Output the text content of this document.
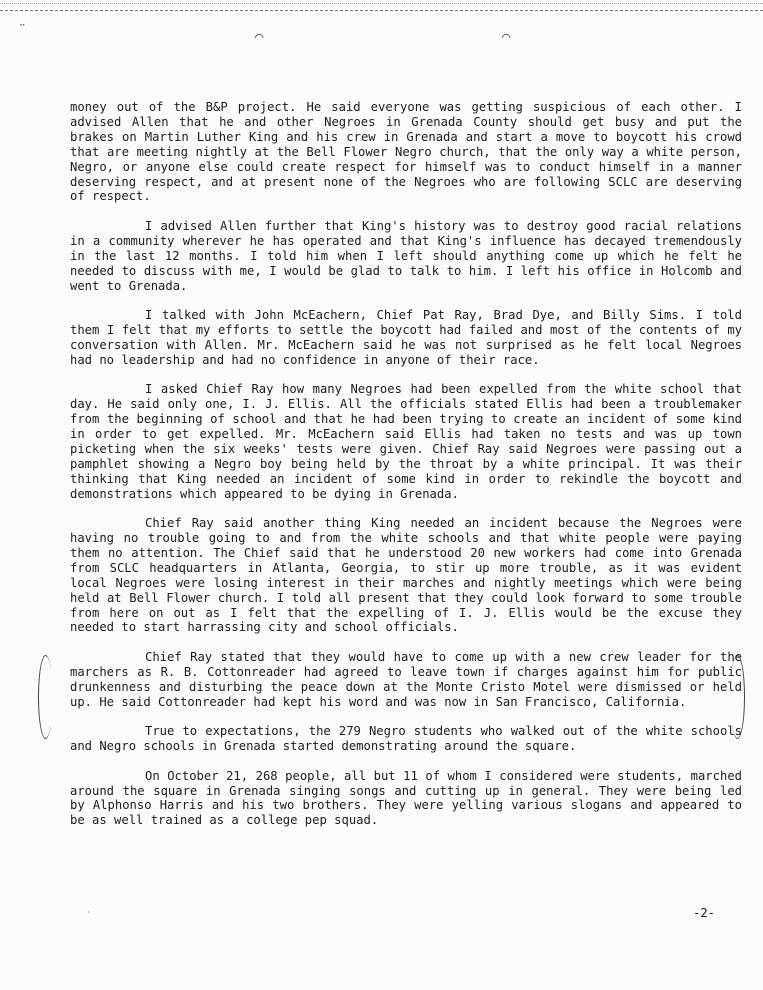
¨	⌒	⌒
·

money out of the B&P project. He said everyone was getting suspicious of each other. I advised Allen that he and other Negroes in Grenada County should get busy and put the brakes on Martin Luther King and his crew in Grenada and start a move to boycott his crowd that are meeting nightly at the Bell Flower Negro church, that the only way a white person, Negro, or anyone else could create respect for himself was to conduct himself in a manner deserving respect, and at present none of the Negroes who are following SCLC are deserving of respect.

I advised Allen further that King's history was to destroy good racial relations in a community wherever he has operated and that King's influence has decayed tremendously in the last 12 months. I told him when I left should anything come up which he felt he needed to discuss with me, I would be glad to talk to him. I left his office in Holcomb and went to Grenada.

I talked with John McEachern, Chief Pat Ray, Brad Dye, and Billy Sims. I told them I felt that my efforts to settle the boycott had failed and most of the contents of my conversation with Allen. Mr. McEachern said he was not surprised as he felt local Negroes had no leadership and had no confidence in anyone of their race.

I asked Chief Ray how many Negroes had been expelled from the white school that day. He said only one, I. J. Ellis. All the officials stated Ellis had been a troublemaker from the beginning of school and that he had been trying to create an incident of some kind in order to get expelled. Mr. McEachern said Ellis had taken no tests and was up town picketing when the six weeks' tests were given. Chief Ray said Negroes were passing out a pamphlet showing a Negro boy being held by the throat by a white principal. It was their thinking that King needed an incident of some kind in order to rekindle the boycott and demonstrations which appeared to be dying in Grenada.

Chief Ray said another thing King needed an incident because the Negroes were having no trouble going to and from the white schools and that white people were paying them no attention. The Chief said that he understood 20 new workers had come into Grenada from SCLC headquarters in Atlanta, Georgia, to stir up more trouble, as it was evident local Negroes were losing interest in their marches and nightly meetings which were being held at Bell Flower church. I told all present that they could look forward to some trouble from here on out as I felt that the expelling of I. J. Ellis would be the excuse they needed to start harrassing city and school officials.

Chief Ray stated that they would have to come up with a new crew leader for the marchers as R. B. Cottonreader had agreed to leave town if charges against him for public drunkenness and disturbing the peace down at the Monte Cristo Motel were dismissed or held up. He said Cottonreader had kept his word and was now in San Francisco, California.

True to expectations, the 279 Negro students who walked out of the white schools and Negro schools in Grenada started demonstrating around the square.

On October 21, 268 people, all but 11 of whom I considered were students, marched around the square in Grenada singing songs and cutting up in general. They were being led by Alphonso Harris and his two brothers. They were yelling various slogans and appeared to be as well trained as a college pep squad.

-2-
